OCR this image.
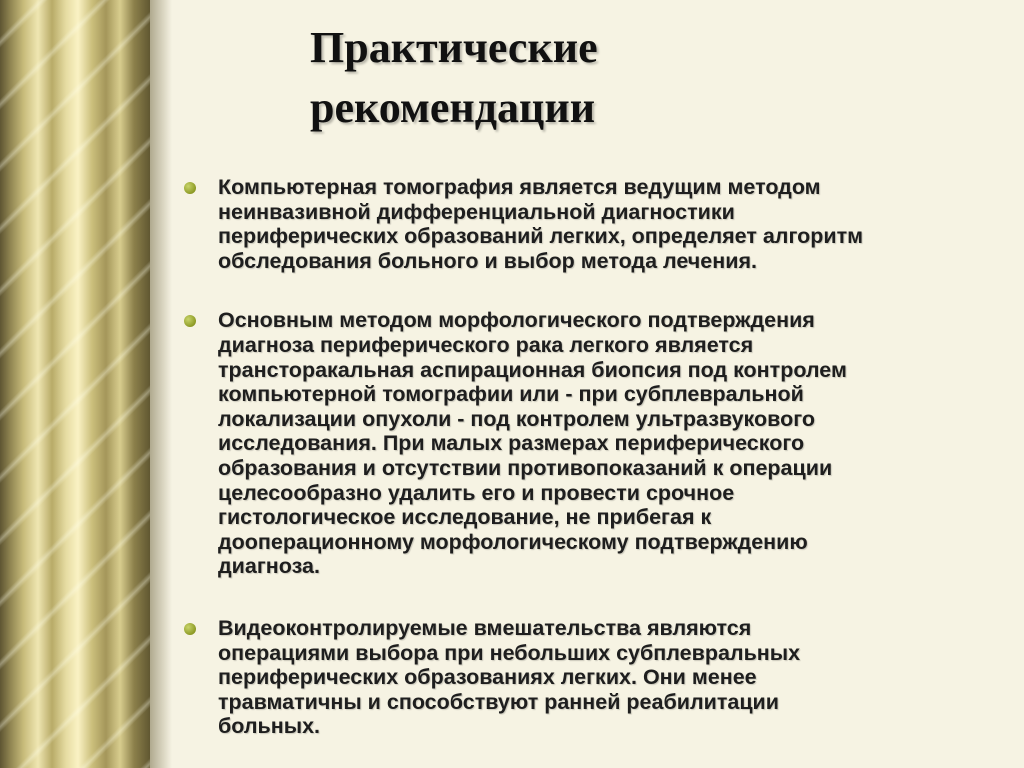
Практические
рекомендации
Компьютерная томография является ведущим методом
неинвазивной дифференциальной диагностики
периферических образований легких, определяет алгоритм
обследования больного и выбор метода лечения.
Основным методом морфологического подтверждения
диагноза периферического рака легкого является
трансторакальная аспирационная биопсия под контролем
компьютерной томографии или - при субплевральной
локализации опухоли - под контролем ультразвукового
исследования. При малых размерах периферического
образования и отсутствии противопоказаний к операции
целесообразно удалить его и провести срочное
гистологическое исследование, не прибегая к
дооперационному морфологическому подтверждению
диагноза.
Видеоконтролируемые вмешательства являются
операциями выбора при небольших субплевральных
периферических образованиях легких. Они менее
травматичны и способствуют ранней реабилитации
больных.
